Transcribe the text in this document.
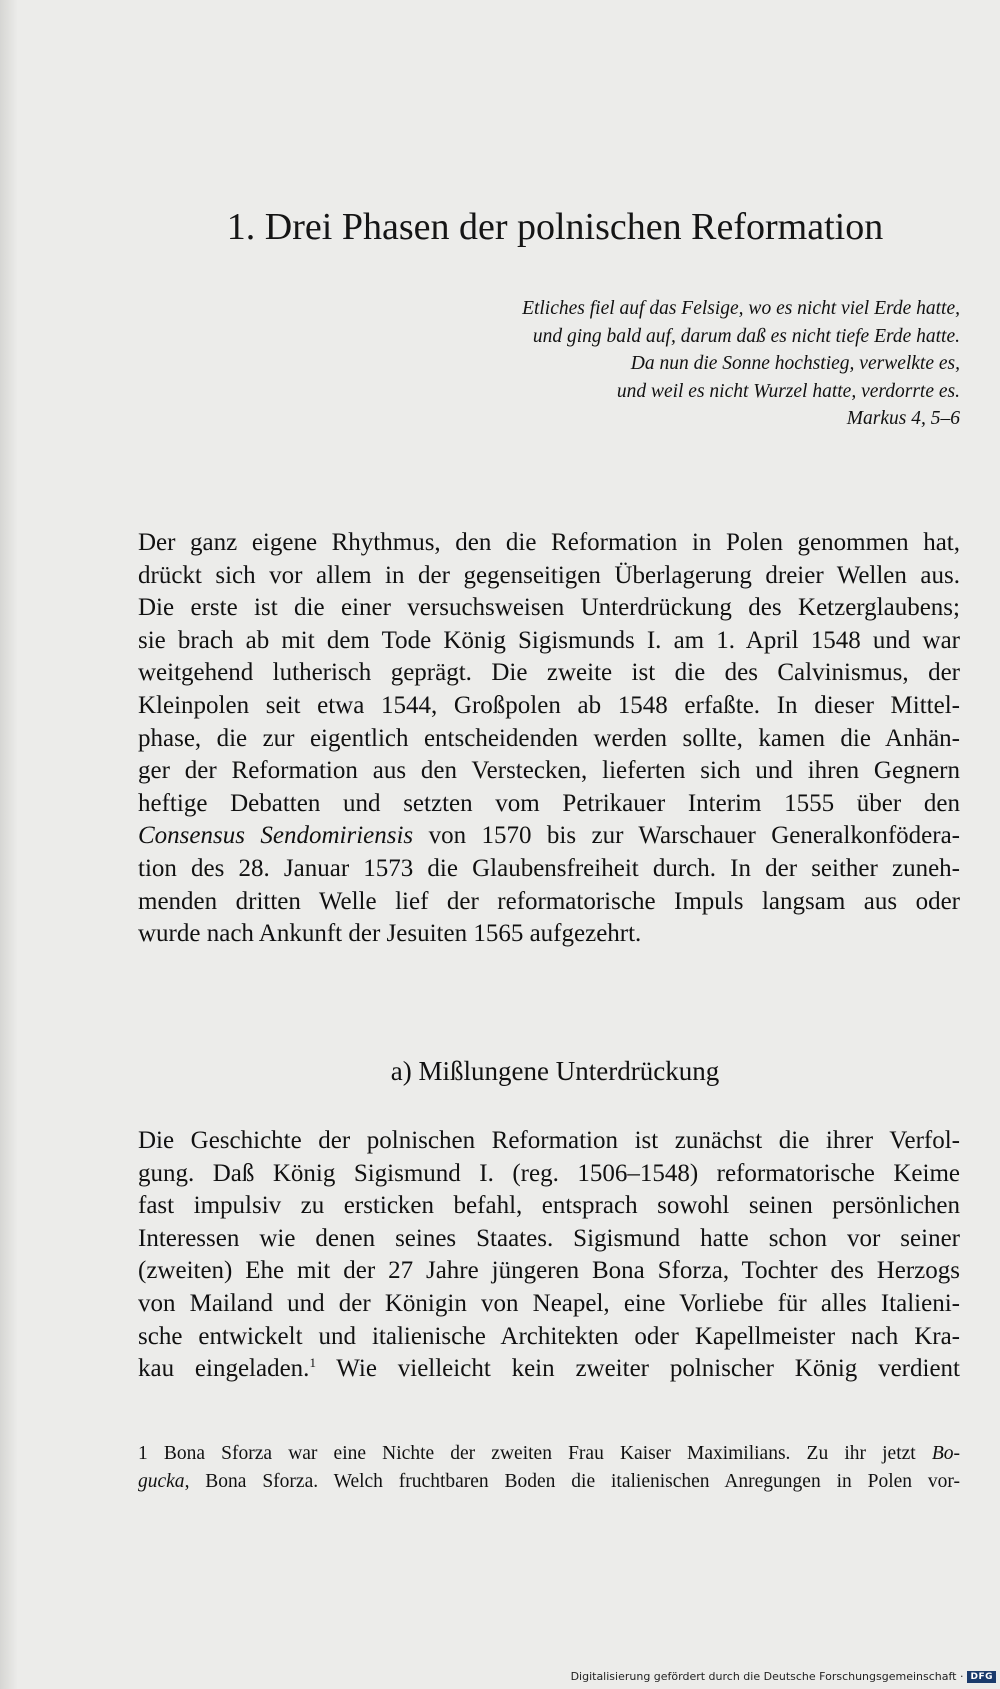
1. Drei Phasen der polnischen Reformation
Etliches fiel auf das Felsige, wo es nicht viel Erde hatte,
und ging bald auf, darum daß es nicht tiefe Erde hatte.
Da nun die Sonne hochstieg, verwelkte es,
und weil es nicht Wurzel hatte, verdorrte es.
Markus 4, 5–6
Der ganz eigene Rhythmus, den die Reformation in Polen genommen hat,
drückt sich vor allem in der gegenseitigen Überlagerung dreier Wellen aus.
Die erste ist die einer versuchsweisen Unterdrückung des Ketzerglaubens;
sie brach ab mit dem Tode König Sigismunds I. am 1. April 1548 und war
weitgehend lutherisch geprägt. Die zweite ist die des Calvinismus, der
Kleinpolen seit etwa 1544, Großpolen ab 1548 erfaßte. In dieser Mittel-
phase, die zur eigentlich entscheidenden werden sollte, kamen die Anhän-
ger der Reformation aus den Verstecken, lieferten sich und ihren Gegnern
heftige Debatten und setzten vom Petrikauer Interim 1555 über den
Consensus Sendomiriensis von 1570 bis zur Warschauer Generalkonfödera-
tion des 28. Januar 1573 die Glaubensfreiheit durch. In der seither zuneh-
menden dritten Welle lief der reformatorische Impuls langsam aus oder
wurde nach Ankunft der Jesuiten 1565 aufgezehrt.
a) Mißlungene Unterdrückung
Die Geschichte der polnischen Reformation ist zunächst die ihrer Verfol-
gung. Daß König Sigismund I. (reg. 1506–1548) reformatorische Keime
fast impulsiv zu ersticken befahl, entsprach sowohl seinen persönlichen
Interessen wie denen seines Staates. Sigismund hatte schon vor seiner
(zweiten) Ehe mit der 27 Jahre jüngeren Bona Sforza, Tochter des Herzogs
von Mailand und der Königin von Neapel, eine Vorliebe für alles Italieni-
sche entwickelt und italienische Architekten oder Kapellmeister nach Kra-
kau eingeladen.$^1$ Wie vielleicht kein zweiter polnischer König verdient
1 Bona Sforza war eine Nichte der zweiten Frau Kaiser Maximilians. Zu ihr jetzt Bo-
gucka, Bona Sforza. Welch fruchtbaren Boden die italienischen Anregungen in Polen vor-
Digitalisierung gefördert durch die Deutsche Forschungsgemeinschaft · DFG
